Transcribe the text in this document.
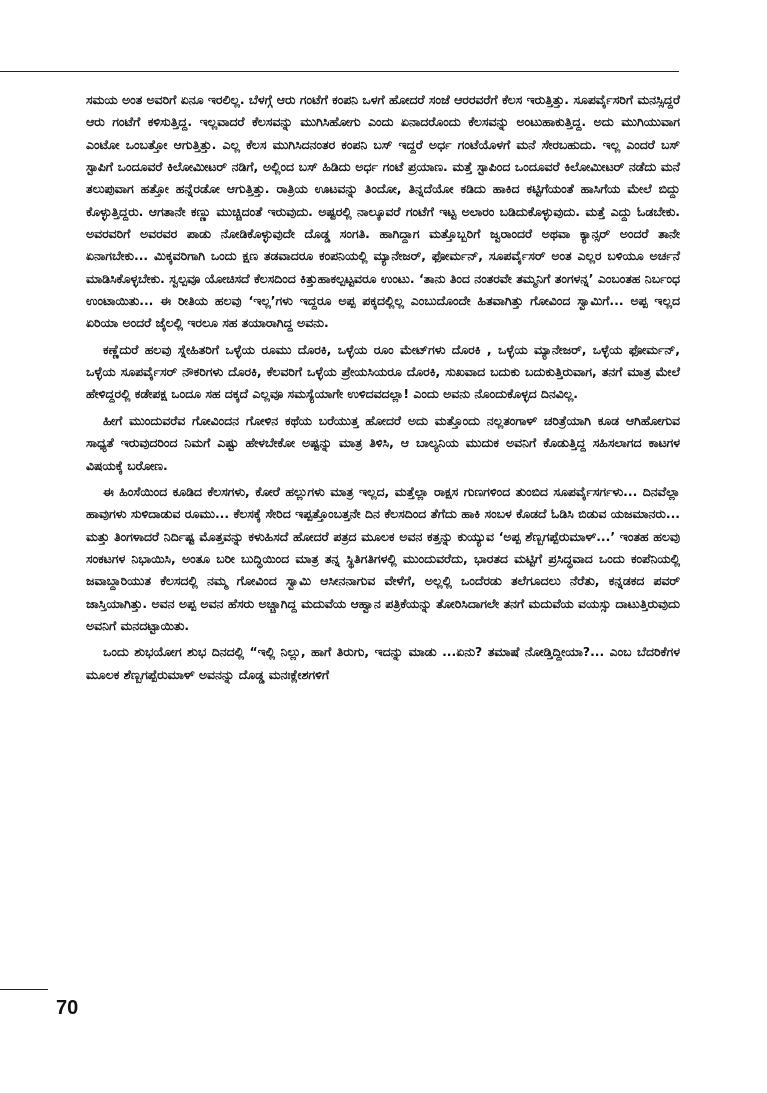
ಸಮಯ ಅಂತ ಅವರಿಗೆ ಏನೂ ಇರಲಿಲ್ಲ. ಬೆಳಗ್ಗೆ ಆರು ಗಂಟೆಗೆ ಕಂಪನಿ ಒಳಗೆ ಹೋದರೆ ಸಂಜೆ ಆರರವರೆಗೆ ಕೆಲಸ ಇರುತ್ತಿತ್ತು. ಸೂಪರ್ವೈಸರಿಗೆ ಮನಸ್ಸಿದ್ದರೆ ಆರು ಗಂಟೆಗೆ ಕಳಿಸುತ್ತಿದ್ದ. ಇಲ್ಲವಾದರೆ ಕೆಲಸವನ್ನು ಮುಗಿಸಿಹೋಗು ಎಂದು ಏನಾದರೊಂದು ಕೆಲಸವನ್ನು ಅಂಟುಹಾಕುತ್ತಿದ್ದ. ಅದು ಮುಗಿಯುವಾಗ ಎಂಟೋ ಒಂಬತ್ತೋ ಆಗುತ್ತಿತ್ತು. ಎಲ್ಲ ಕೆಲಸ ಮುಗಿಸಿದನಂತರ ಕಂಪನಿ ಬಸ್ ಇದ್ದರೆ ಅರ್ಧ ಗಂಟೆಯೊಳಗೆ ಮನೆ ಸೇರಬಹುದು. ಇಲ್ಲ ಎಂದರೆ ಬಸ್ ಸ್ಟಾಪಿಗೆ ಒಂದೂವರೆ ಕಿಲೋಮೀಟರ್ ನಡಿಗೆ, ಅಲ್ಲಿಂದ ಬಸ್ ಹಿಡಿದು ಅರ್ಧ ಗಂಟೆ ಪ್ರಯಾಣ. ಮತ್ತೆ ಸ್ಟಾಪಿಂದ ಒಂದೂವರೆ ಕಿಲೋಮೀಟರ್ ನಡೆದು ಮನೆ ತಲುಪುವಾಗ ಹತ್ತೋ ಹನ್ನೆರಡೋ ಆಗುತ್ತಿತ್ತು. ರಾತ್ರಿಯ ಊಟವನ್ನು ತಿಂದೋ, ತಿನ್ನದೆಯೋ ಕಡಿದು ಹಾಕಿದ ಕಟ್ಟಿಗೆಯಂತೆ ಹಾಸಿಗೆಯ ಮೇಲೆ ಬಿದ್ದು ಕೊಳ್ಳುತ್ತಿದ್ದರು. ಆಗತಾನೇ ಕಣ್ಣು ಮುಚ್ಚಿದಂತೆ ಇರುವುದು. ಅಷ್ಟರಲ್ಲಿ ನಾಲ್ಕೂವರೆ ಗಂಟೆಗೆ ಇಟ್ಟ ಅಲಾರಂ ಬಡಿದುಕೊಳ್ಳುವುದು. ಮತ್ತೆ ಎದ್ದು ಓಡಬೇಕು. ಅವರವರಿಗೆ ಅವರವರ ಪಾಡು ನೋಡಿಕೊಳ್ಳುವುದೇ ದೊಡ್ಡ ಸಂಗತಿ. ಹಾಗಿದ್ದಾಗ ಮತ್ತೊಬ್ಬರಿಗೆ ಜ್ವರಾಂದರೆ ಅಥವಾ ಕ್ಯಾನ್ಸರ್ ಅಂದರೆ ತಾನೇ ಏನಾಗಬೇಕು... ಮಿಕ್ಕವರಿಗಾಗಿ ಒಂದು ಕ್ಷಣ ತಡವಾದರೂ ಕಂಪನಿಯಲ್ಲಿ ಮ್ಯಾನೇಜರ್, ಫೋರ್ಮನ್, ಸೂಪರ್ವೈಸರ್ ಅಂತ ಎಲ್ಲರ ಬಳಿಯೂ ಅರ್ಚನೆ ಮಾಡಿಸಿಕೊಳ್ಳಬೇಕು. ಸ್ವಲ್ಪವೂ ಯೋಚಿಸದೆ ಕೆಲಸದಿಂದ ಕಿತ್ತುಹಾಕಲ್ಪಟ್ಟವರೂ ಉಂಟು. ‘ತಾನು ತಿಂದ ನಂತರವೇ ತಮ್ಮನಿಗೆ ತಂಗಳನ್ನ’ ಎಂಬಂತಹ ನಿರ್ಬಂಧ ಉಂಟಾಯಿತು... ಈ ರೀತಿಯ ಹಲವು ‘ಇಲ್ಲ’ಗಳು ಇದ್ದರೂ ಅಪ್ಪ ಪಕ್ಕದಲ್ಲಿಲ್ಲ ಎಂಬುದೊಂದೇ ಹಿತವಾಗಿತ್ತು ಗೋವಿಂದ ಸ್ವಾಮಿಗೆ... ಅಪ್ಪ ಇಲ್ಲದ ಏರಿಯಾ ಅಂದರೆ ಜೈಲಲ್ಲಿ ಇರಲೂ ಸಹ ತಯಾರಾಗಿದ್ದ ಅವನು.

ಕಣ್ಣೆದುರೆ ಹಲವು ಸ್ನೇಹಿತರಿಗೆ ಒಳ್ಳೆಯ ರೂಮು ದೊರಕಿ, ಒಳ್ಳೆಯ ರೂಂ ಮೇಟ್‌ಗಳು ದೊರಕಿ , ಒಳ್ಳೆಯ ಮ್ಯಾನೇಜರ್, ಒಳ್ಳೆಯ ಫೋರ್ಮನ್, ಒಳ್ಳೆಯ ಸೂಪರ್ವೈಸರ್ ನೌಕರಿಗಳು ದೊರಕಿ, ಕೆಲವರಿಗೆ ಒಳ್ಳೆಯ ಪ್ರೇಯಸಿಯರೂ ದೊರಕಿ, ಸುಖವಾದ ಬದುಕು ಬದುಕುತ್ತಿರುವಾಗ, ತನಗೆ ಮಾತ್ರ ಮೇಲೆ ಹೇಳಿದ್ದರಲ್ಲಿ ಕಡೇಪಕ್ಷ ಒಂದೂ ಸಹ ದಕ್ಕದೆ ಎಲ್ಲವೂ ಸಮಸ್ಯೆಯಾಗೇ ಉಳಿದವದಲ್ಲಾ! ಎಂದು ಅವನು ನೊಂದುಕೊಳ್ಳದ ದಿನವಿಲ್ಲ.

ಹೀಗೆ ಮುಂದುವರೆವ ಗೋವಿಂದನ ಗೋಳಿನ ಕಥೆಯ ಬರೆಯುತ್ತ ಹೋದರೆ ಅದು ಮತ್ತೊಂದು ನಲ್ಲತಂಗಾಳ್ ಚರಿತ್ರೆಯಾಗಿ ಕೂಡ ಆಗಿಹೋಗುವ ಸಾಧ್ಯತೆ ಇರುವುದರಿಂದ ನಿಮಗೆ ಎಷ್ಟು ಹೇಳಬೇಕೋ ಅಷ್ಟನ್ನು ಮಾತ್ರ ತಿಳಿಸಿ, ಆ ಬಾಲ್ಯನಿಯ ಮುದುಕ ಅವನಿಗೆ ಕೊಡುತ್ತಿದ್ದ ಸಹಿಸಲಾಗದ ಕಾಟಗಳ ವಿಷಯಕ್ಕೆ ಬರೋಣ.

ಈ ಹಿಂಸೆಯಿಂದ ಕೂಡಿದ ಕೆಲಸಗಳು, ಕೋರೆ ಹಲ್ಲುಗಳು ಮಾತ್ರ ಇಲ್ಲದ, ಮತ್ತೆಲ್ಲಾ ರಾಕ್ಷಸ ಗುಣಗಳಿಂದ ತುಂಬಿದ ಸೂಪರ್ವೈಸರ್ಗಳು... ದಿನವೆಲ್ಲಾ ಹಾವುಗಳು ಸುಳಿದಾಡುವ ರೂಮು... ಕೆಲಸಕ್ಕೆ ಸೇರಿದ ಇಪ್ಪತ್ತೊಂಬತ್ತನೇ ದಿನ ಕೆಲಸದಿಂದ ತೆಗೆದು ಹಾಕಿ ಸಂಬಳ ಕೊಡದೆ ಓಡಿಸಿ ಬಿಡುವ ಯಜಮಾನರು... ಮತ್ತು ತಿಂಗಳಾದರೆ ನಿರ್ದಿಷ್ಟ ಮೊತ್ತವನ್ನು ಕಳುಹಿಸದೆ ಹೋದರೆ ಪತ್ರದ ಮೂಲಕ ಅವನ ಕತ್ತನ್ನು ಕುಯ್ಯುವ ‘ಅಪ್ಪ ಶೆಣ್ಬಗಪ್ಪೆರುಮಾಳ್...’ ಇಂತಹ ಹಲವು ಸಂಕಟಗಳ ನಿಭಾಯಿಸಿ, ಅಂತೂ ಬರೀ ಬುದ್ಧಿಯಿಂದ ಮಾತ್ರ ತನ್ನ ಸ್ಥಿತಿಗತಿಗಳಲ್ಲಿ ಮುಂದುವರೆದು, ಭಾರತದ ಮಟ್ಟಿಗೆ ಪ್ರಸಿದ್ಧವಾದ ಒಂದು ಕಂಪೆನಿಯಲ್ಲಿ ಜವಾಬ್ದಾರಿಯುತ ಕೆಲಸದಲ್ಲಿ ನಮ್ಮ ಗೋವಿಂದ ಸ್ವಾಮಿ ಆಸೀನನಾಗುವ ವೇಳೆಗೆ, ಅಲ್ಲಲ್ಲಿ ಒಂದೆರಡು ತಲೆಗೂದಲು ನೆರೆತು, ಕನ್ನಡಕದ ಪವರ್ ಜಾಸ್ತಿಯಾಗಿತ್ತು. ಅವನ ಅಪ್ಪ ಅವನ ಹೆಸರು ಅಚ್ಚಾಗಿದ್ದ ಮದುವೆಯ ಆಹ್ವಾನ ಪತ್ರಿಕೆಯನ್ನು ತೋರಿಸಿದಾಗಲೇ ತನಗೆ ಮದುವೆಯ ವಯಸ್ಸು ದಾಟುತ್ತಿರುವುದು ಅವನಿಗೆ ಮನದಟ್ಟಾಯಿತು.

ಒಂದು ಶುಭಯೋಗ ಶುಭ ದಿನದಲ್ಲಿ “ಇಲ್ಲಿ ನಿಲ್ಲು, ಹಾಗೆ ತಿರುಗು, ಇದನ್ನು ಮಾಡು ...ಏನು? ತಮಾಷೆ ನೋಡ್ತಿದ್ದೀಯಾ?... ಎಂಬ ಬೆದರಿಕೆಗಳ ಮೂಲಕ ಶೆಣ್ಬಗಪ್ಪೆರುಮಾಳ್ ಅವನನ್ನು ದೊಡ್ಡ ಮನಃಕ್ಲೇಶಗಳಿಗೆ

70
